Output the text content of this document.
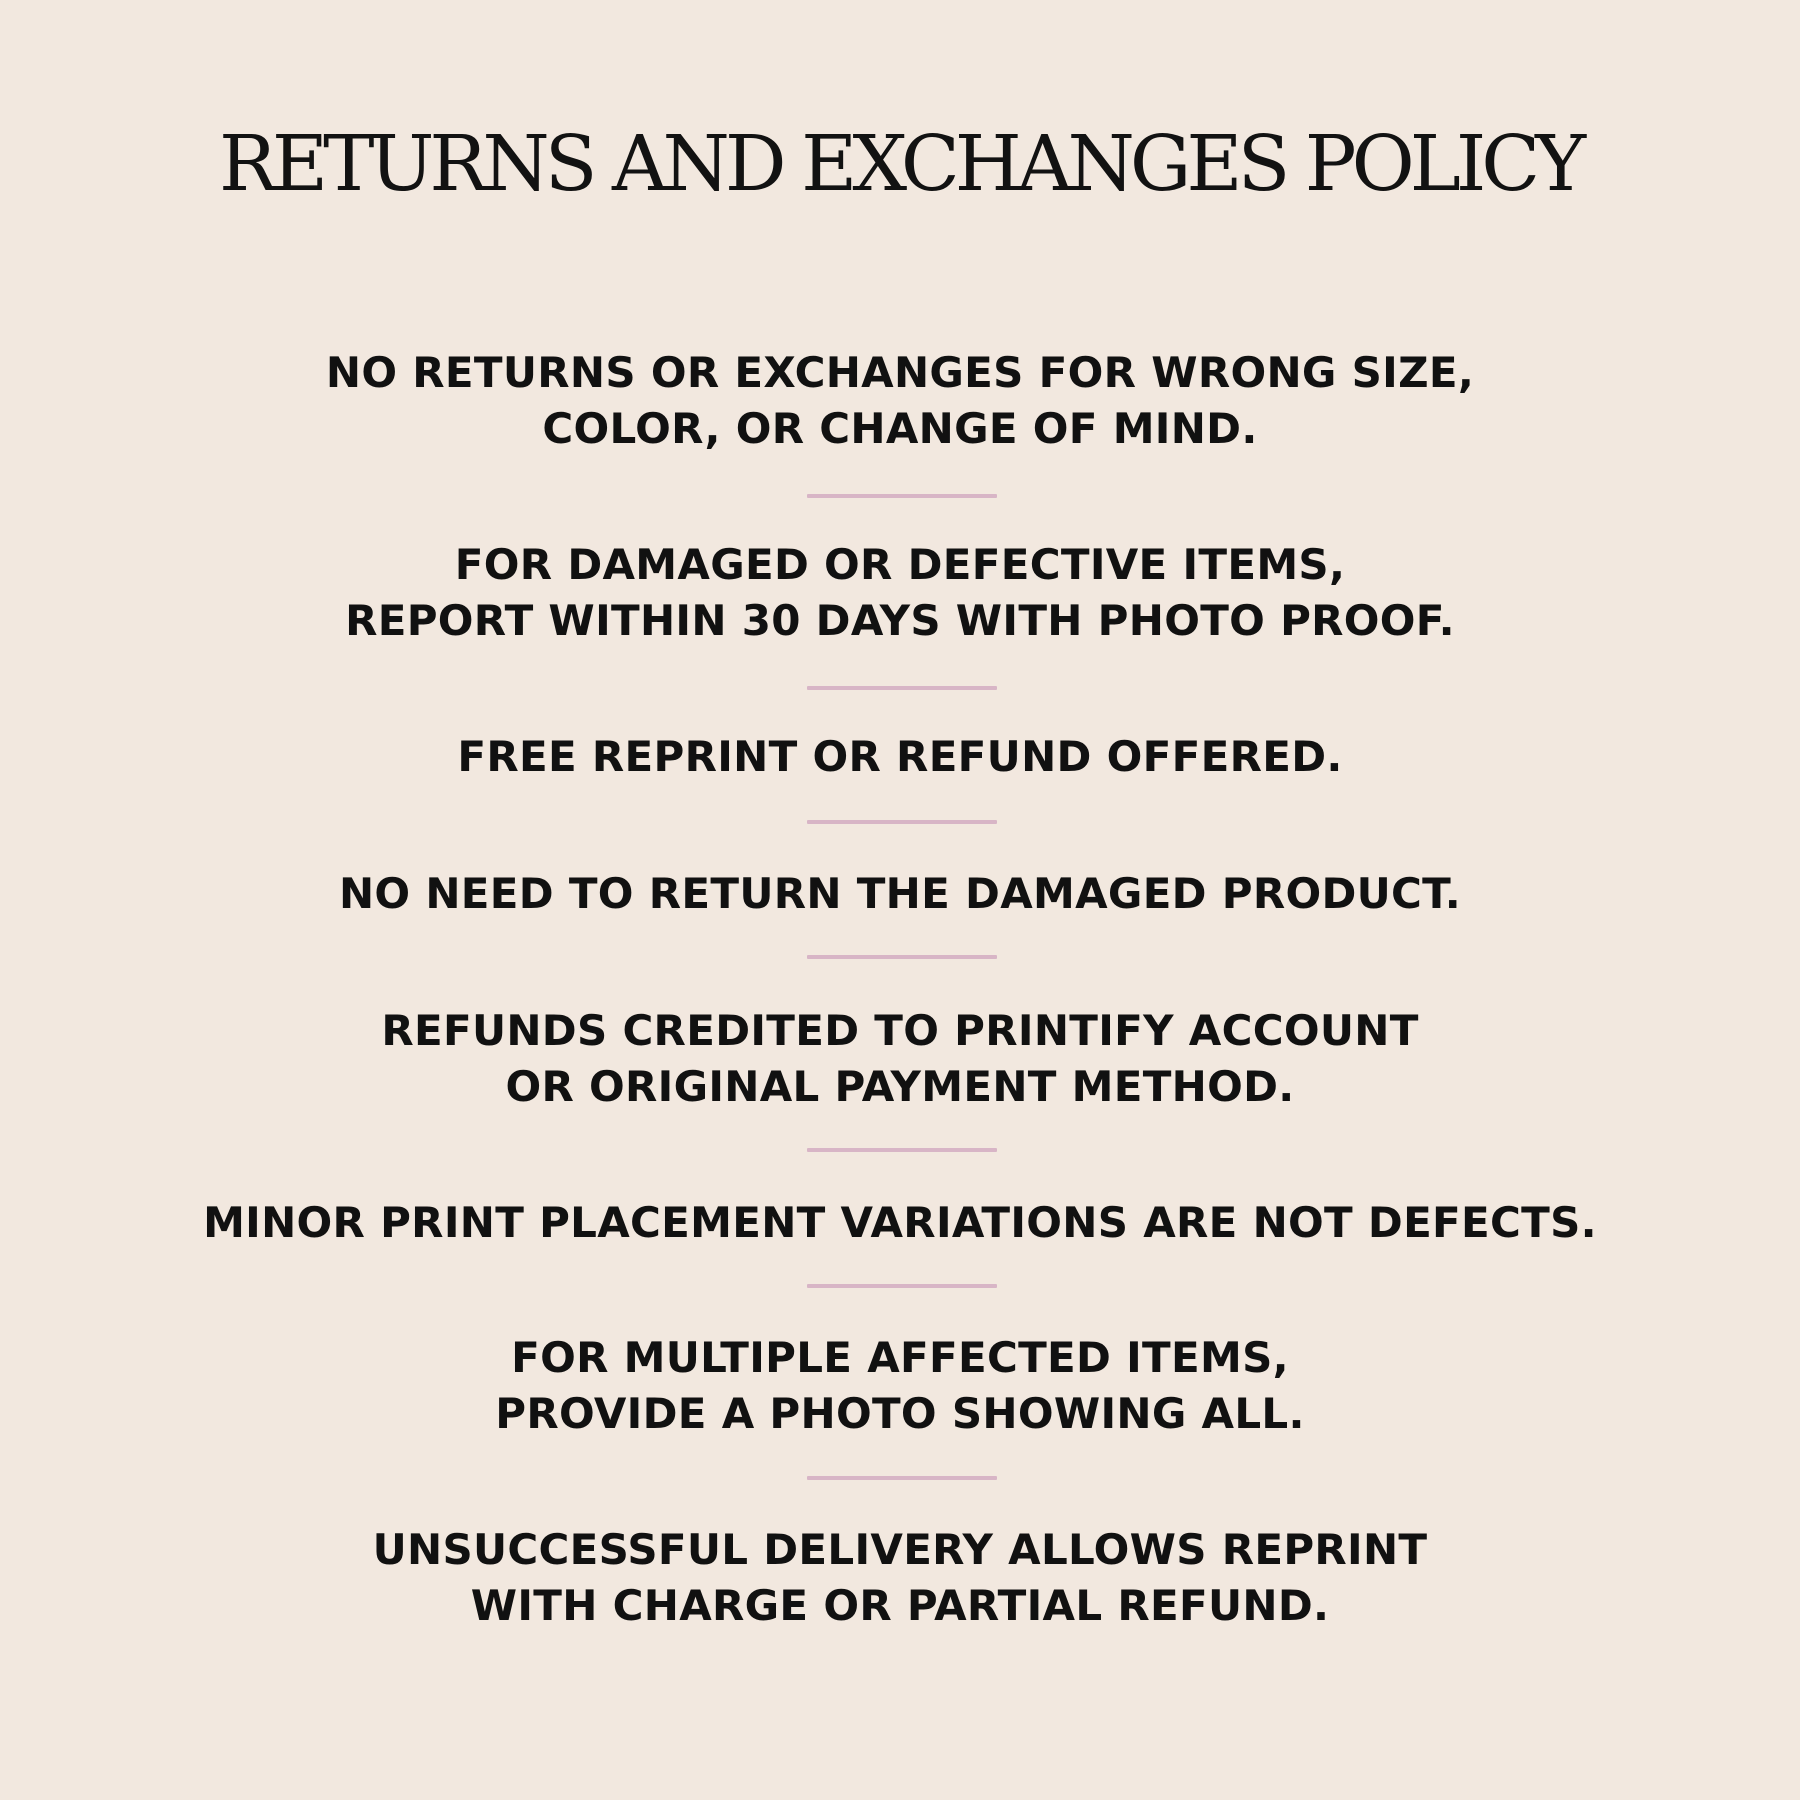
RETURNS AND EXCHANGES POLICY
NO RETURNS OR EXCHANGES FOR WRONG SIZE,
COLOR, OR CHANGE OF MIND.
FOR DAMAGED OR DEFECTIVE ITEMS,
REPORT WITHIN 30 DAYS WITH PHOTO PROOF.
FREE REPRINT OR REFUND OFFERED.
NO NEED TO RETURN THE DAMAGED PRODUCT.
REFUNDS CREDITED TO PRINTIFY ACCOUNT
OR ORIGINAL PAYMENT METHOD.
MINOR PRINT PLACEMENT VARIATIONS ARE NOT DEFECTS.
FOR MULTIPLE AFFECTED ITEMS,
PROVIDE A PHOTO SHOWING ALL.
UNSUCCESSFUL DELIVERY ALLOWS REPRINT
WITH CHARGE OR PARTIAL REFUND.
